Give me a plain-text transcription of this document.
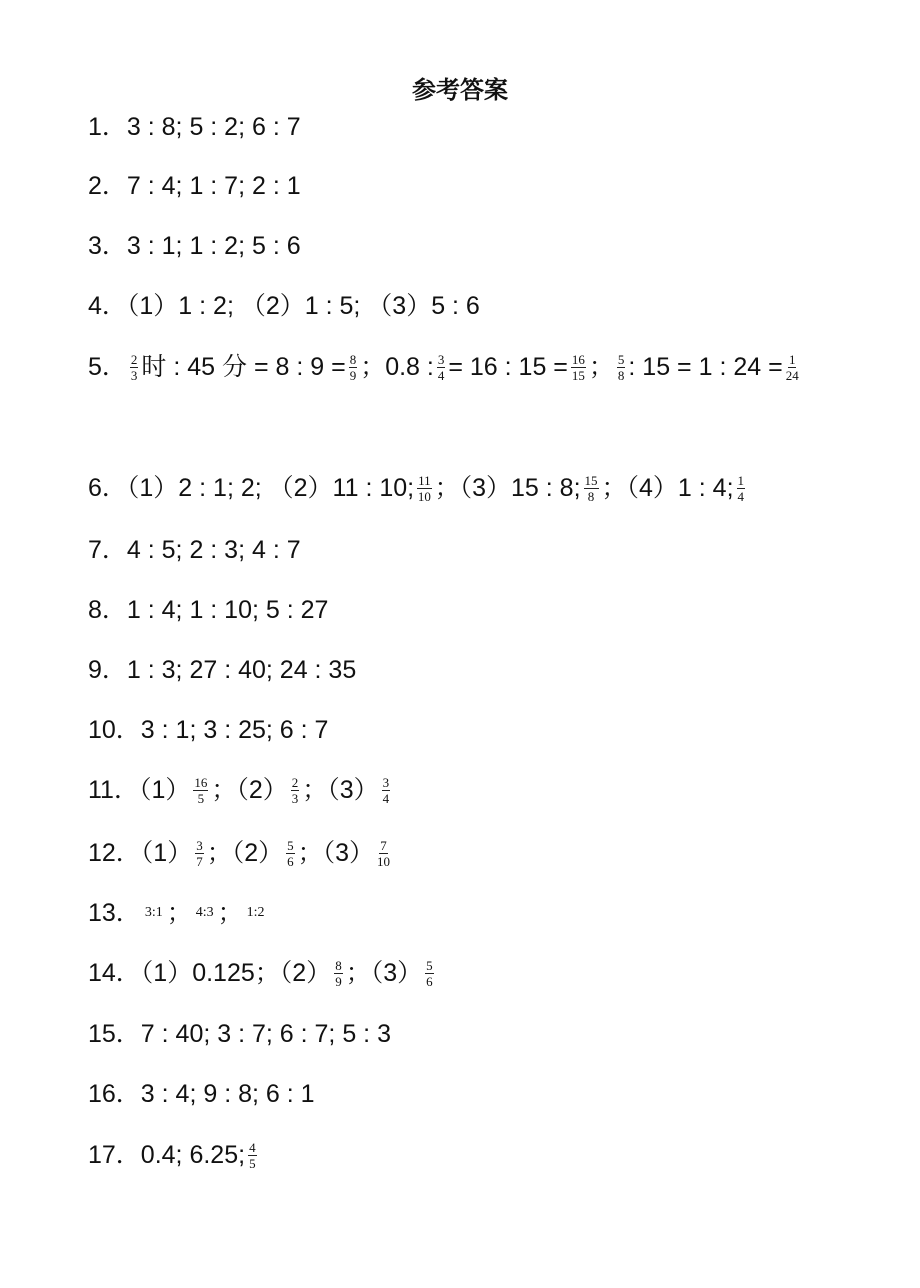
参考答案
1．3 : 8; 5 : 2; 6 : 7
2．7 : 4; 1 : 7; 2 : 1
3．3 : 1; 1 : 2; 5 : 6
4．（1）1 : 2; （2）1 : 5; （3）5 : 6
5． $\frac{2}{3}$ 时 : 45 分 = 8 : $9 = \frac{8}{9}$ ；0.8 : $\frac{3}{4} = 16$ : $15 = \frac{16}{15}$ ； $\frac{5}{8}$ : 15 = 1 : $24 = \frac{1}{24}$
6．（1）2 : 1; 2; （2）11 : 10; $\frac{11}{10}$ ；（3）15 : 8; $\frac{15}{8}$ ；（4）1 : 4; $\frac{1}{4}$
7．4 : 5; 2 : 3; 4 : 7
8．1 : 4; 1 : 10; 5 : 27
9．1 : 3; 27 : 40; 24 : 35
10．3 : 1; 3 : 25; 6 : 7
11．$(1) \frac{16}{5}$ ；$(2) \frac{2}{3}$ ；$(3) \frac{3}{4}$
12．$(1) \frac{3}{7}$ ；$(2) \frac{5}{6}$ ；$(3) \frac{7}{10}$
13． 3:1 ； 4:3 ； 1:2
14．（1）0.125；$(2) \frac{8}{9}$ ；$(3) \frac{5}{6}$
15．7 : 40; 3 : 7; 6 : 7; 5 : 3
16．3 : 4; 9 : 8; 6 : 1
17．0.4; 6.25; $\frac{4}{5}$
